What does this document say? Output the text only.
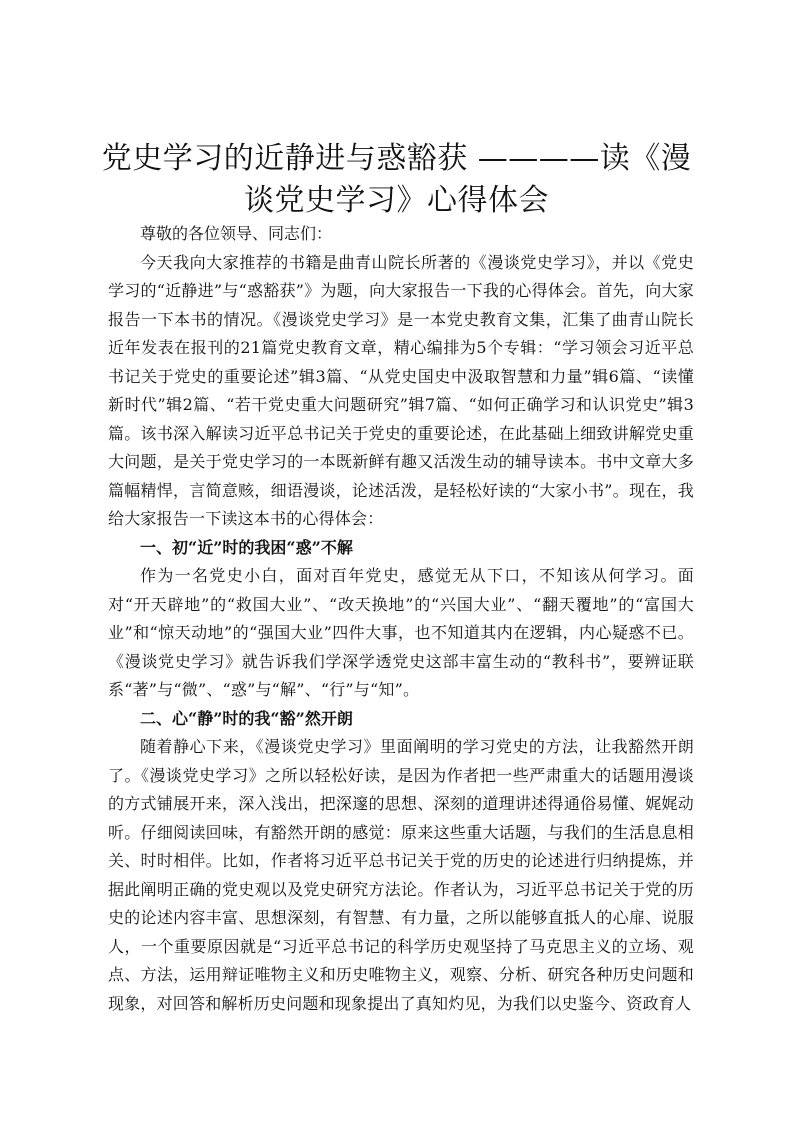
党史学习的近静进与惑豁获 ————读《漫谈党史学习》心得体会

尊敬的各位领导、同志们：

今天我向大家推荐的书籍是曲青山院长所著的《漫谈党史学习》，并以《党史学习的“近静进”与“惑豁获”》为题，向大家报告一下我的心得体会。首先，向大家报告一下本书的情况。《漫谈党史学习》是一本党史教育文集，汇集了曲青山院长近年发表在报刊的21篇党史教育文章，精心编排为5个专辑：“学习领会习近平总书记关于党史的重要论述”辑3篇、“从党史国史中汲取智慧和力量”辑6篇、“读懂新时代”辑2篇、“若干党史重大问题研究”辑7篇、“如何正确学习和认识党史”辑3篇。该书深入解读习近平总书记关于党史的重要论述，在此基础上细致讲解党史重大问题，是关于党史学习的一本既新鲜有趣又活泼生动的辅导读本。书中文章大多篇幅精悍，言简意赅，细语漫谈，论述活泼，是轻松好读的“大家小书”。现在，我给大家报告一下读这本书的心得体会：

一、初“近”时的我困“惑”不解

作为一名党史小白，面对百年党史，感觉无从下口，不知该从何学习。面对“开天辟地”的“救国大业”、“改天换地”的“兴国大业”、“翻天覆地”的“富国大业”和“惊天动地”的“强国大业”四件大事，也不知道其内在逻辑，内心疑惑不已。《漫谈党史学习》就告诉我们学深学透党史这部丰富生动的“教科书”，要辨证联系“著”与“微”、“惑”与“解”、“行”与“知”。

二、心“静”时的我“豁”然开朗

随着静心下来，《漫谈党史学习》里面阐明的学习党史的方法，让我豁然开朗了。《漫谈党史学习》之所以轻松好读，是因为作者把一些严肃重大的话题用漫谈的方式铺展开来，深入浅出，把深邃的思想、深刻的道理讲述得通俗易懂、娓娓动听。仔细阅读回味，有豁然开朗的感觉：原来这些重大话题，与我们的生活息息相关、时时相伴。比如，作者将习近平总书记关于党的历史的论述进行归纳提炼，并据此阐明正确的党史观以及党史研究方法论。作者认为，习近平总书记关于党的历史的论述内容丰富、思想深刻，有智慧、有力量，之所以能够直抵人的心扉、说服人，一个重要原因就是“习近平总书记的科学历史观坚持了马克思主义的立场、观点、方法，运用辩证唯物主义和历史唯物主义，观察、分析、研究各种历史问题和现象，对回答和解析历史问题和现象提出了真知灼见，为我们以史鉴今、资政育人
